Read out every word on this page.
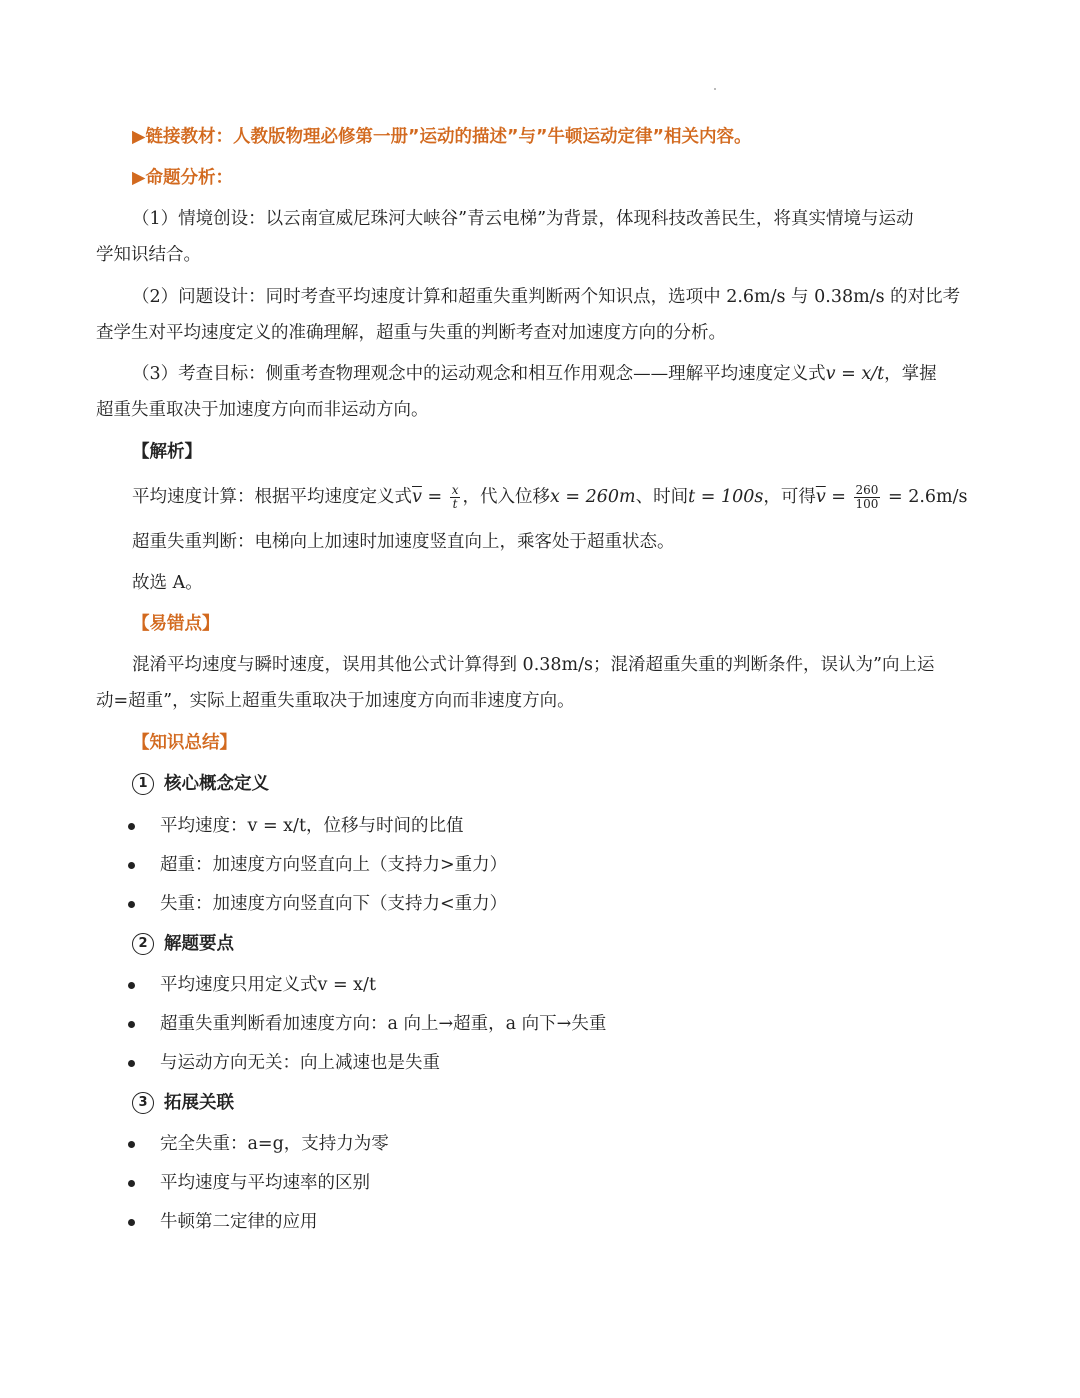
▶链接教材：人教版物理必修第一册”运动的描述”与”牛顿运动定律”相关内容。
▶命题分析：
（1）情境创设：以云南宣威尼珠河大峡谷”青云电梯”为背景，体现科技改善民生，将真实情境与运动
学知识结合。
（2）问题设计：同时考查平均速度计算和超重失重判断两个知识点，选项中 2.6m/s 与 0.38m/s 的对比考
查学生对平均速度定义的准确理解，超重与失重的判断考查对加速度方向的分析。
（3）考查目标：侧重考查物理观念中的运动观念和相互作用观念——理解平均速度定义式v = x/t，掌握
超重失重取决于加速度方向而非运动方向。
【解析】
平均速度计算：根据平均速度定义式$\overline{v} = \frac{x}{t}$ ，代入位移x = 260m、时间t = 100s，可得$\overline{v} = \frac{260}{100} = 2.6m/s$
超重失重判断：电梯向上加速时加速度竖直向上，乘客处于超重状态。
故选 A。
【易错点】
混淆平均速度与瞬时速度，误用其他公式计算得到 0.38m/s；混淆超重失重的判断条件，误认为”向上运
动=超重”，实际上超重失重取决于加速度方向而非速度方向。
【知识总结】
1 核心概念定义
平均速度：v = x/t，位移与时间的比值
超重：加速度方向竖直向上（支持力>重力）
失重：加速度方向竖直向下（支持力<重力）
2 解题要点
平均速度只用定义式v = x/t
超重失重判断看加速度方向：a 向上→超重，a 向下→失重
与运动方向无关：向上减速也是失重
3 拓展关联
完全失重：a=g，支持力为零
平均速度与平均速率的区别
牛顿第二定律的应用
